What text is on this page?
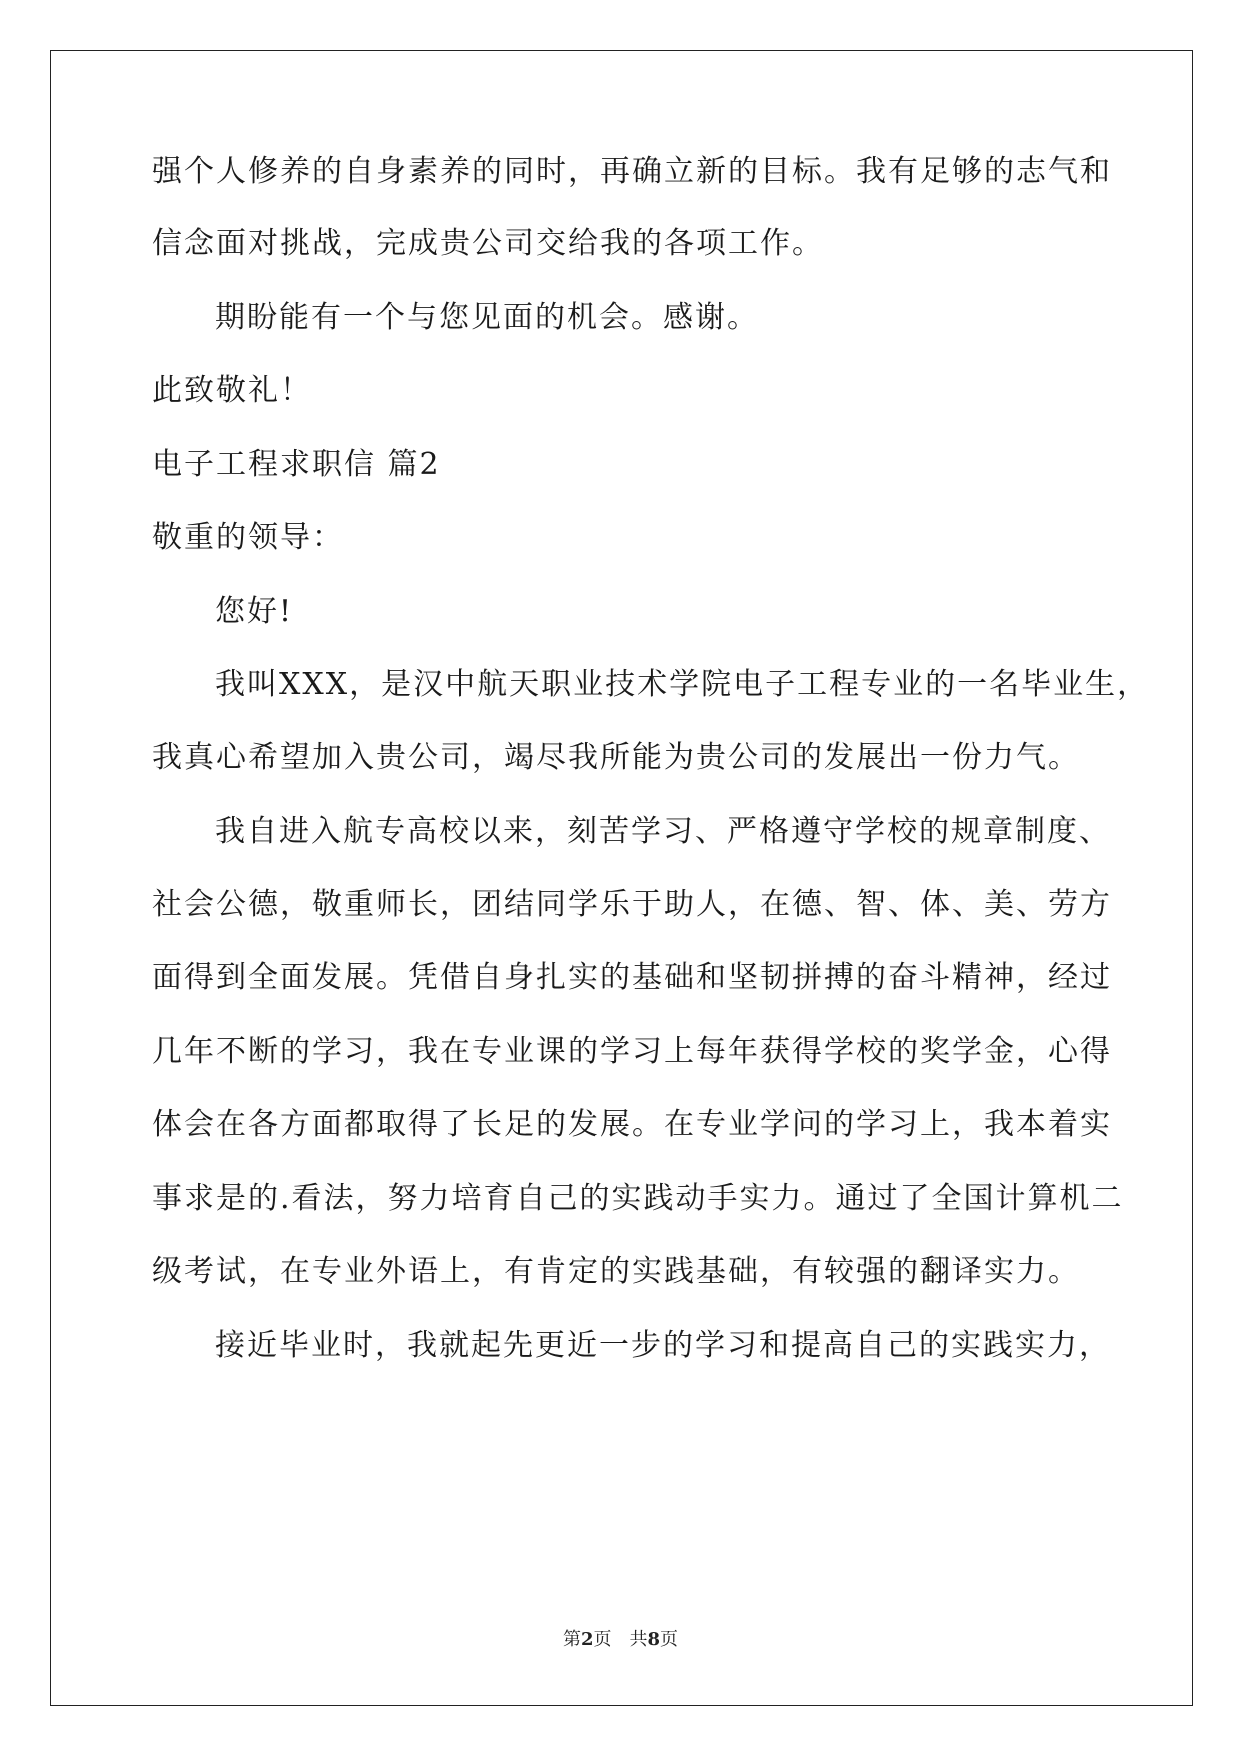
强个人修养的自身素养的同时，再确立新的目标。我有足够的志气和
信念面对挑战，完成贵公司交给我的各项工作。
期盼能有一个与您见面的机会。感谢。
此致敬礼！
电子工程求职信 篇2
敬重的领导：
您好!
我叫XXX，是汉中航天职业技术学院电子工程专业的一名毕业生，
我真心希望加入贵公司，竭尽我所能为贵公司的发展出一份力气。
我自进入航专高校以来，刻苦学习、严格遵守学校的规章制度、
社会公德，敬重师长，团结同学乐于助人，在德、智、体、美、劳方
面得到全面发展。凭借自身扎实的基础和坚韧拼搏的奋斗精神，经过
几年不断的学习，我在专业课的学习上每年获得学校的奖学金，心得
体会在各方面都取得了长足的发展。在专业学问的学习上，我本着实
事求是的.看法，努力培育自己的实践动手实力。通过了全国计算机二
级考试，在专业外语上，有肯定的实践基础，有较强的翻译实力。
接近毕业时，我就起先更近一步的学习和提高自己的实践实力，
第2页　共8页
